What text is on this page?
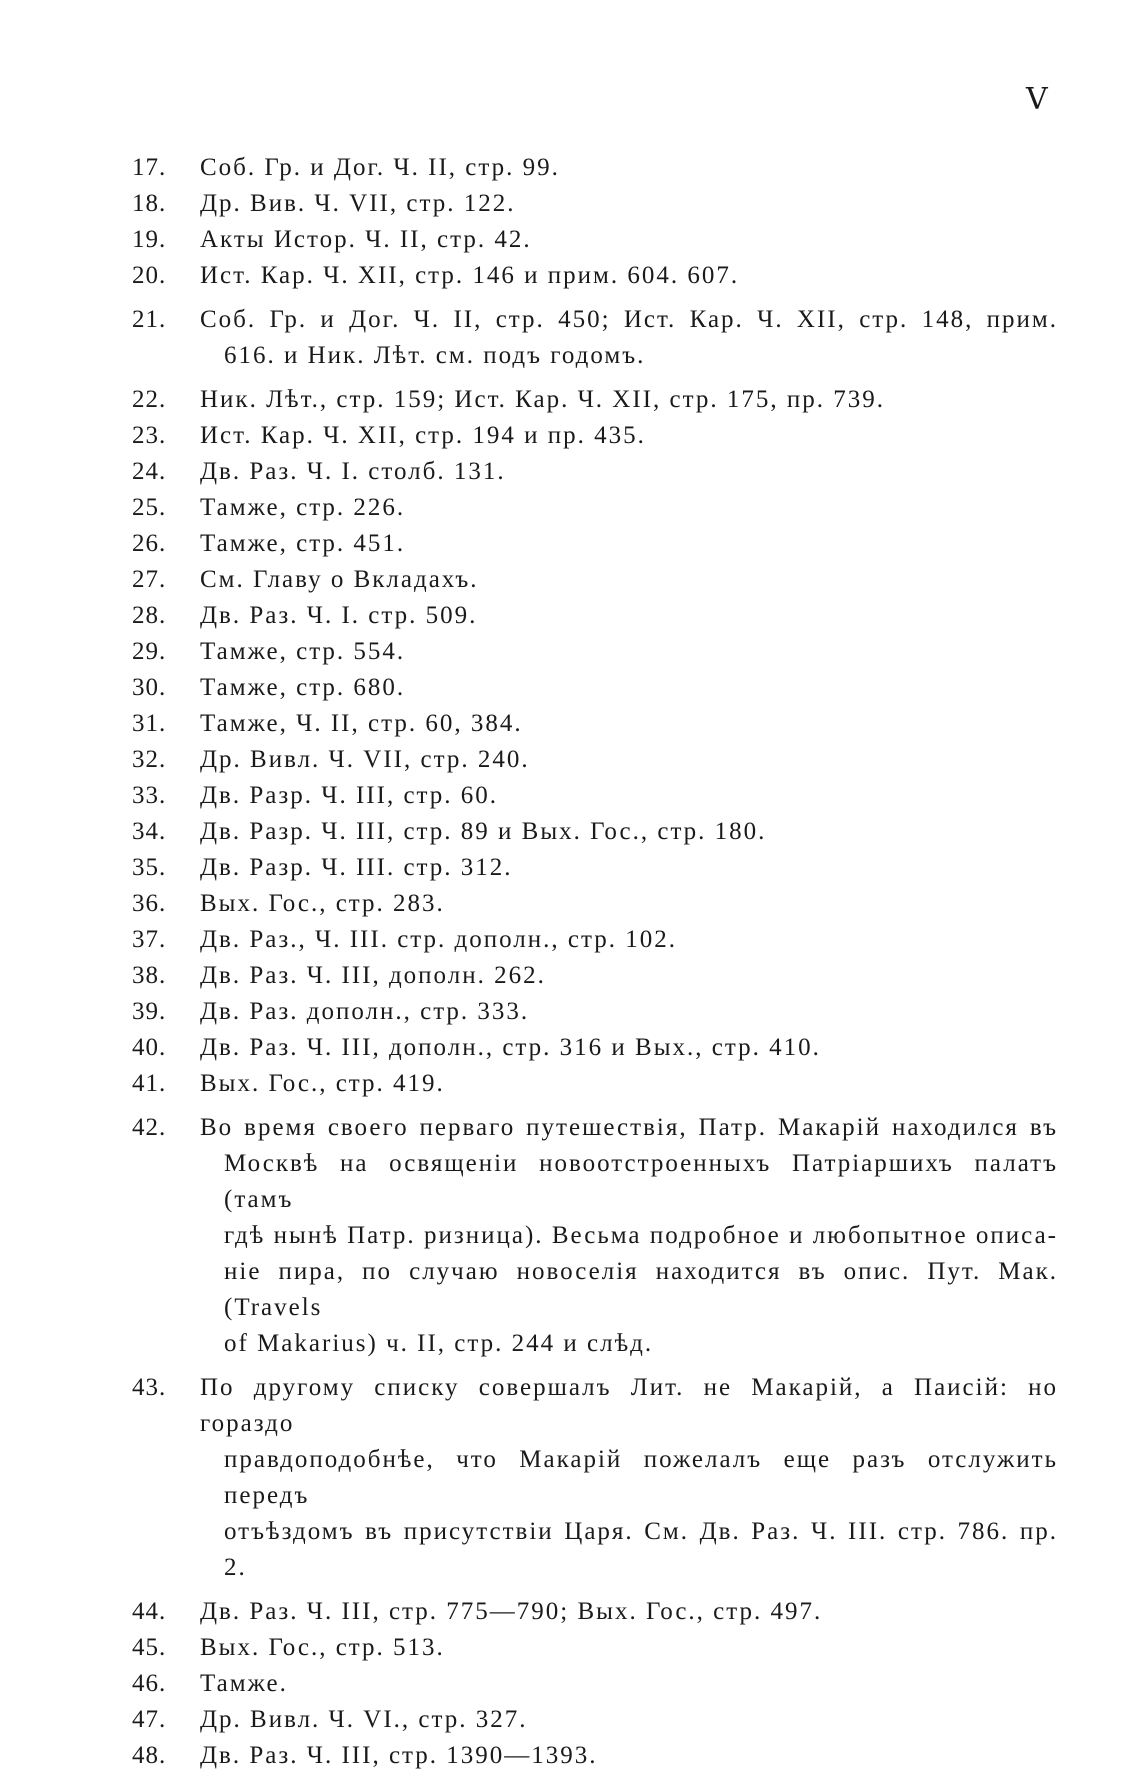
V
17.	Соб. Гр. и Дог. Ч. II, стр. 99.
18.	Др. Вив. Ч. VII, стр. 122.
19.	Акты Истор. Ч. II, стр. 42.
20.	Ист. Кар. Ч. XII, стр. 146 и прим. 604. 607.
21.	Соб. Гр. и Дог. Ч. II, стр. 450; Ист. Кар. Ч. XII, стр. 148, прим.
616. и Ник. Лѣт. см. подъ годомъ.
22.	Ник. Лѣт., стр. 159; Ист. Кар. Ч. XII, стр. 175, пр. 739.
23.	Ист. Кар. Ч. XII, стр. 194 и пр. 435.
24.	Дв. Раз. Ч. I. столб. 131.
25.	Тамже, стр. 226.
26.	Тамже, стр. 451.
27.	См. Главу о Вкладахъ.
28.	Дв. Раз. Ч. I. стр. 509.
29.	Тамже, стр. 554.
30.	Тамже, стр. 680.
31.	Тамже, Ч. II, стр. 60, 384.
32.	Др. Вивл. Ч. VII, стр. 240.
33.	Дв. Разр. Ч. III, стр. 60.
34.	Дв. Разр. Ч. III, стр. 89 и Вых. Гос., стр. 180.
35.	Дв. Разр. Ч. III. стр. 312.
36.	Вых. Гос., стр. 283.
37.	Дв. Раз., Ч. III. стр. дополн., стр. 102.
38.	Дв. Раз. Ч. III, дополн. 262.
39.	Дв. Раз. дополн., стр. 333.
40.	Дв. Раз. Ч. III, дополн., стр. 316 и Вых., стр. 410.
41.	Вых. Гос., стр. 419.
42.	Во время своего перваго путешествія, Патр. Макарій находился въ
Москвѣ на освященіи новоотстроенныхъ Патріаршихъ палатъ (тамъ
гдѣ нынѣ Патр. ризница). Весьма подробное и любопытное описа-
ніе пира, по случаю новоселія находится въ опис. Пут. Мак. (Travels
of Makarius) ч. II, стр. 244 и слѣд.
43.	По другому списку совершалъ Лит. не Макарій, а Паисій: но гораздо
правдоподобнѣе, что Макарій пожелалъ еще разъ отслужить передъ
отъѣздомъ въ присутствіи Царя. См. Дв. Раз. Ч. III. стр. 786. пр. 2.
44.	Дв. Раз. Ч. III, стр. 775—790; Вых. Гос., стр. 497.
45.	Вых. Гос., стр. 513.
46.	Тамже.
47.	Др. Вивл. Ч. VI., стр. 327.
48.	Дв. Раз. Ч. III, стр. 1390—1393.
